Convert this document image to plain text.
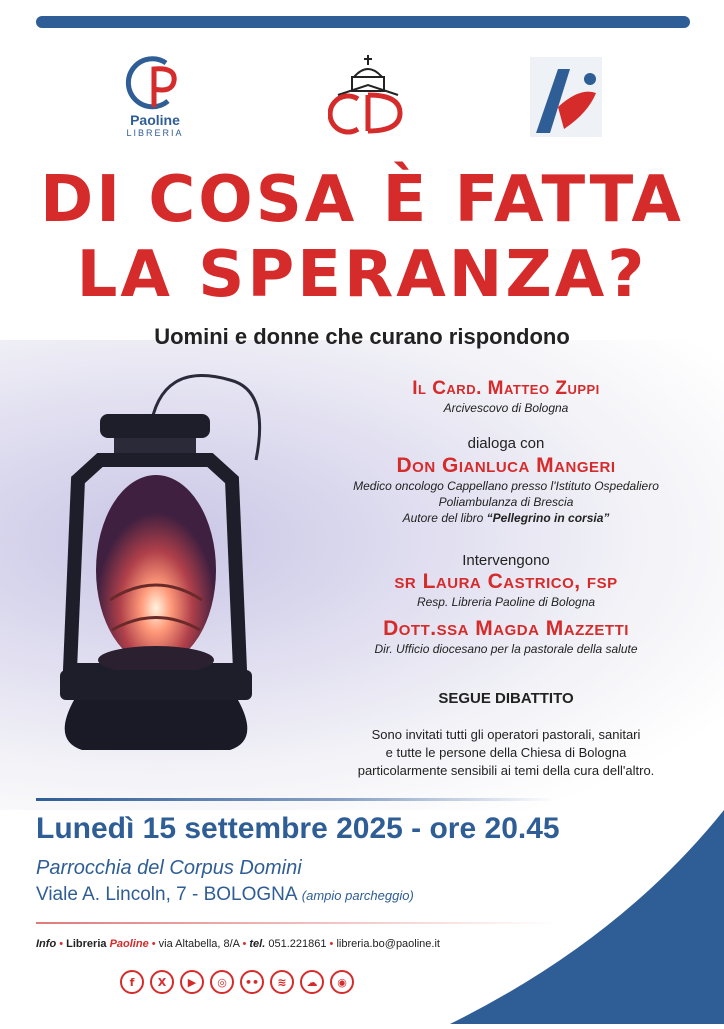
Paoline
LIBRERIA
DI COSA È FATTA
LA SPERANZA?
Uomini e donne che curano rispondono
Il Card. Matteo Zuppi
Arcivescovo di Bologna
dialoga con
Don Gianluca Mangeri
Medico oncologo Cappellano presso l'Istituto Ospedaliero
Poliambulanza di Brescia
Autore del libro “Pellegrino in corsia”
Intervengono
sr Laura Castrico, fsp
Resp. Libreria Paoline di Bologna
Dott.ssa Magda Mazzetti
Dir. Ufficio diocesano per la pastorale della salute
SEGUE DIBATTITO
Sono invitati tutti gli operatori pastorali, sanitari
e tutte le persone della Chiesa di Bologna
particolarmente sensibili ai temi della cura dell'altro.
Lunedì 15 settembre 2025 - ore 20.45
Parrocchia del Corpus Domini
Viale A. Lincoln, 7 - BOLOGNA (ampio parcheggio)
Info • Libreria Paoline • via Altabella, 8/A • tel. 051.221861 • libreria.bo@paoline.it
f	X	▶	◎	••	≋	☁	◉
